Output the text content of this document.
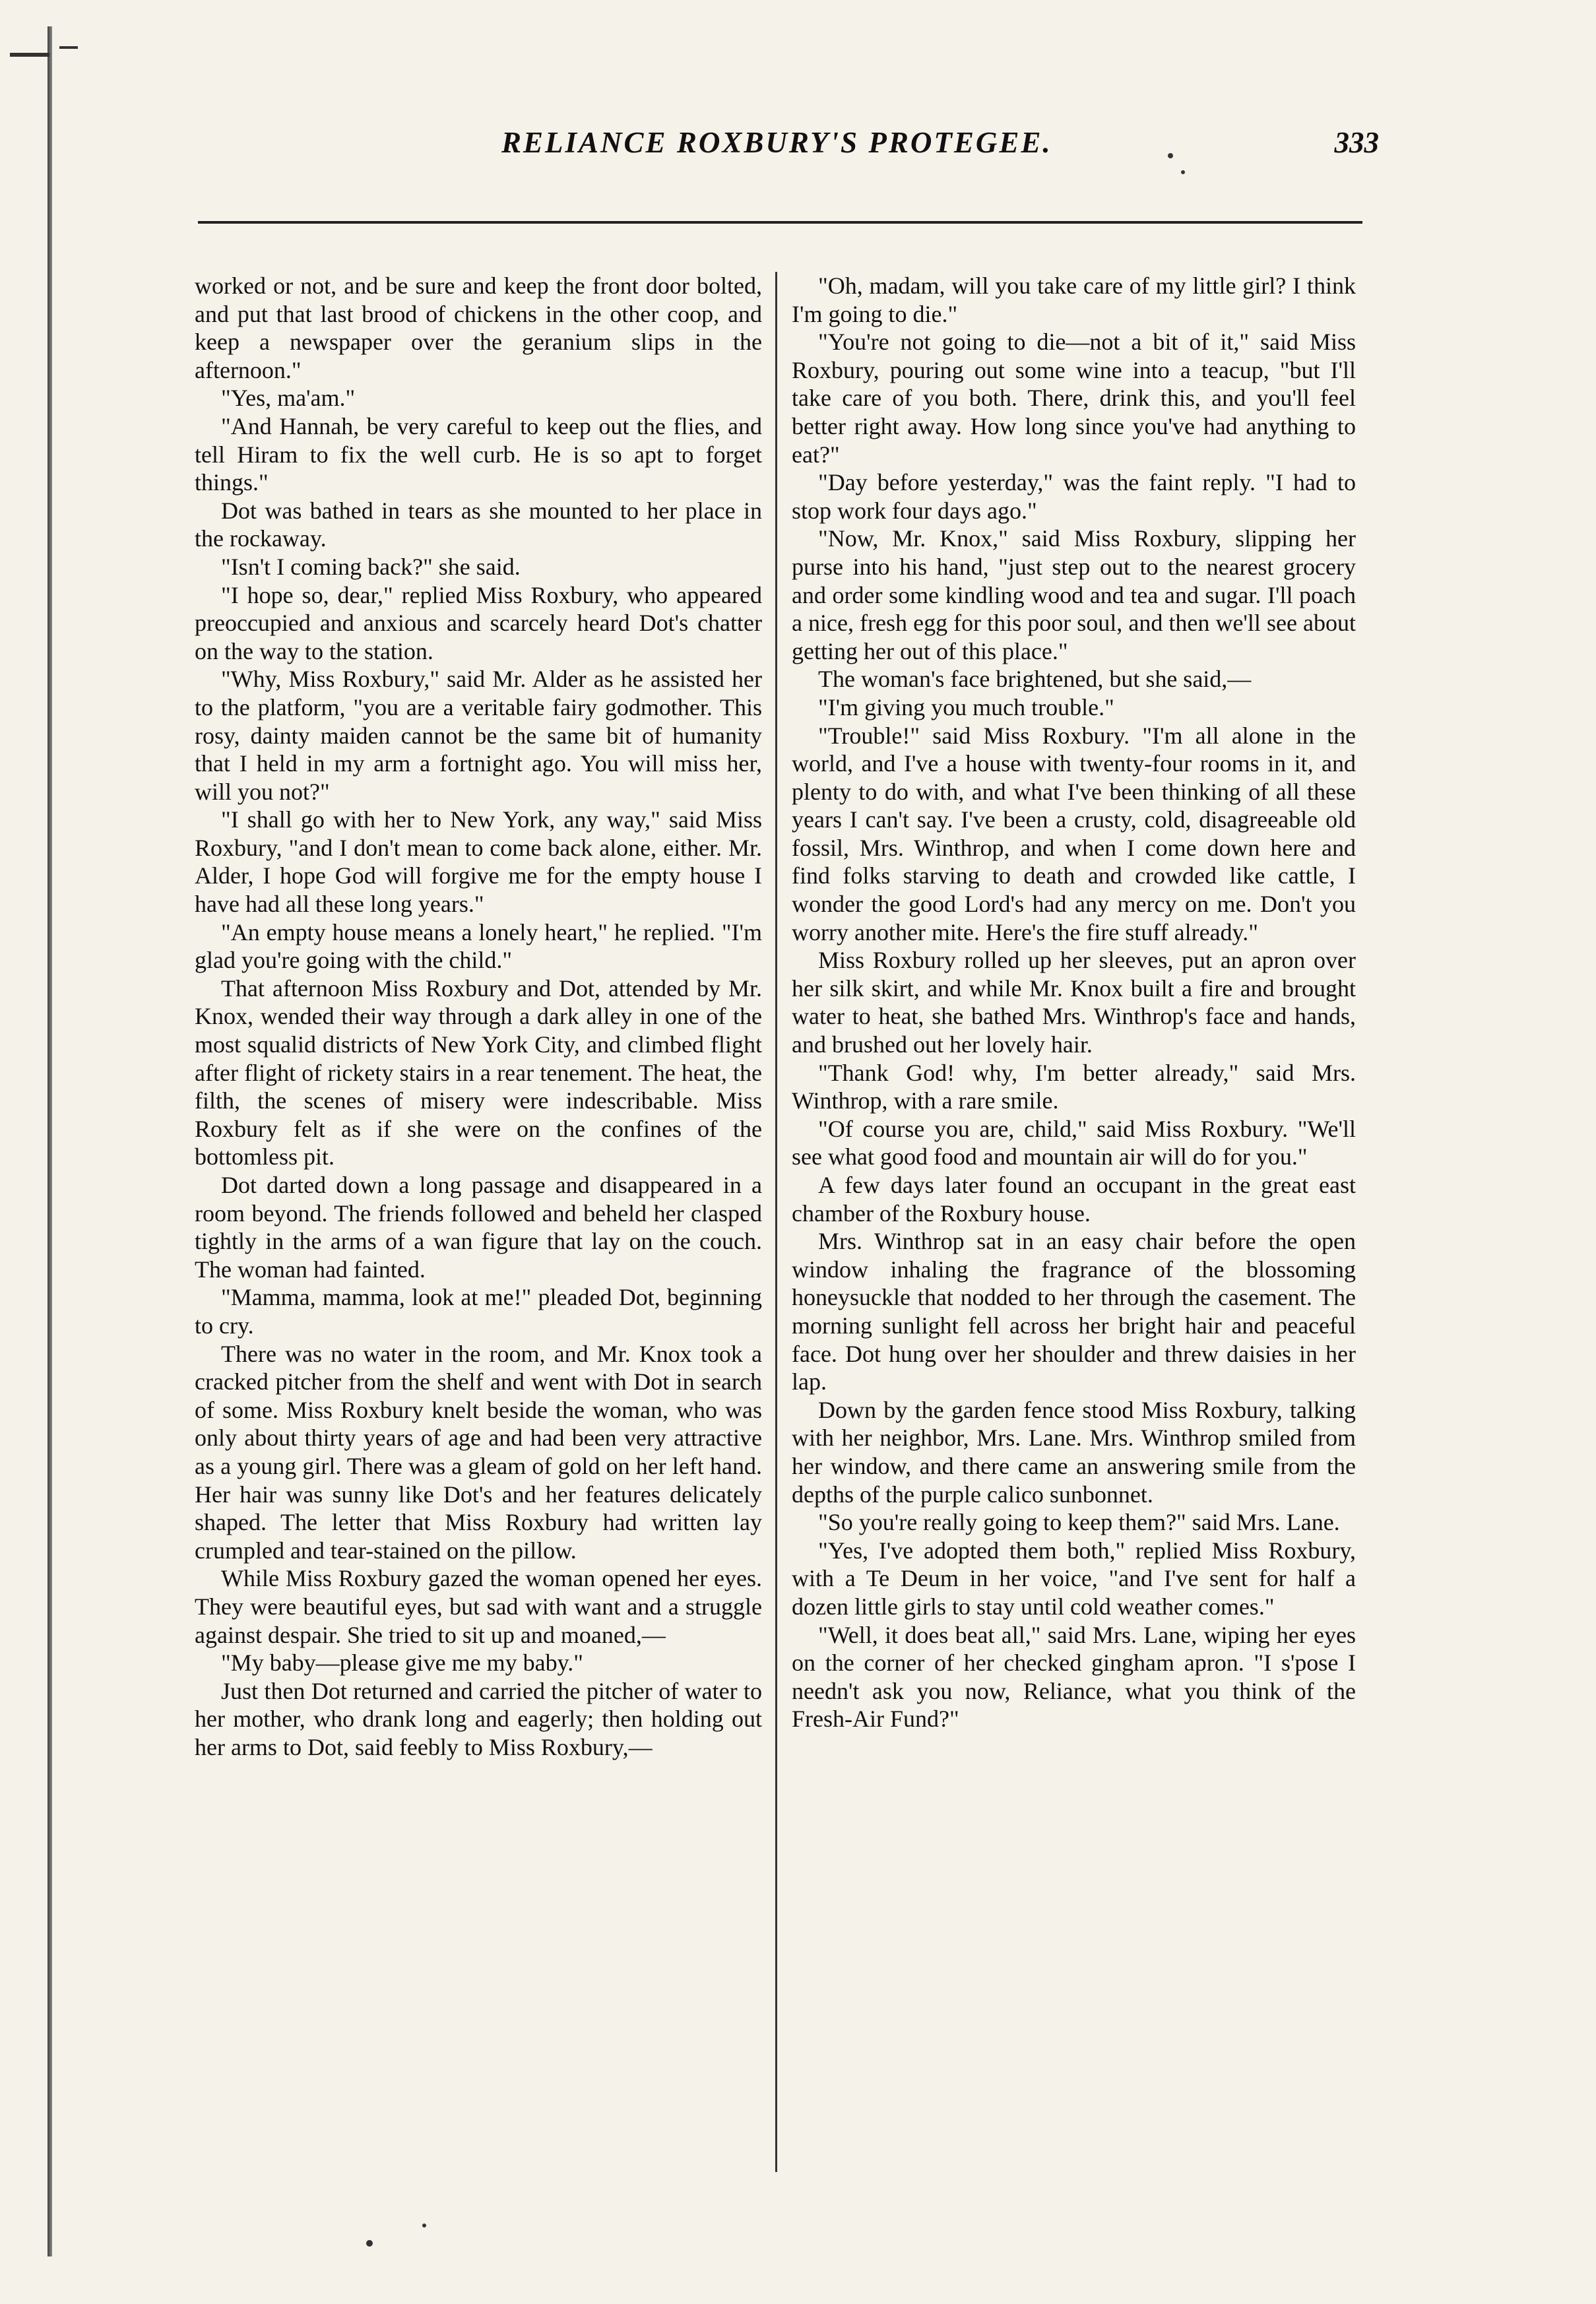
RELIANCE ROXBURY'S PROTEGEE.	333

worked or not, and be sure and keep the front door bolted, and put that last brood of chickens in the other coop, and keep a newspaper over the geranium slips in the afternoon."

"Yes, ma'am."

"And Hannah, be very careful to keep out the flies, and tell Hiram to fix the well curb. He is so apt to forget things."

Dot was bathed in tears as she mounted to her place in the rockaway.

"Isn't I coming back?" she said.

"I hope so, dear," replied Miss Roxbury, who appeared preoccupied and anxious and scarcely heard Dot's chatter on the way to the station.

"Why, Miss Roxbury," said Mr. Alder as he assisted her to the platform, "you are a veritable fairy godmother. This rosy, dainty maiden cannot be the same bit of humanity that I held in my arm a fortnight ago. You will miss her, will you not?"

"I shall go with her to New York, any way," said Miss Roxbury, "and I don't mean to come back alone, either. Mr. Alder, I hope God will forgive me for the empty house I have had all these long years."

"An empty house means a lonely heart," he replied. "I'm glad you're going with the child."

That afternoon Miss Roxbury and Dot, attended by Mr. Knox, wended their way through a dark alley in one of the most squalid districts of New York City, and climbed flight after flight of rickety stairs in a rear tenement. The heat, the filth, the scenes of misery were indescribable. Miss Roxbury felt as if she were on the confines of the bottomless pit.

Dot darted down a long passage and disappeared in a room beyond. The friends followed and beheld her clasped tightly in the arms of a wan figure that lay on the couch. The woman had fainted.

"Mamma, mamma, look at me!" pleaded Dot, beginning to cry.

There was no water in the room, and Mr. Knox took a cracked pitcher from the shelf and went with Dot in search of some. Miss Roxbury knelt beside the woman, who was only about thirty years of age and had been very attractive as a young girl. There was a gleam of gold on her left hand. Her hair was sunny like Dot's and her features delicately shaped. The letter that Miss Roxbury had written lay crumpled and tear-stained on the pillow.

While Miss Roxbury gazed the woman opened her eyes. They were beautiful eyes, but sad with want and a struggle against despair. She tried to sit up and moaned,—

"My baby—please give me my baby."

Just then Dot returned and carried the pitcher of water to her mother, who drank long and eagerly; then holding out her arms to Dot, said feebly to Miss Roxbury,—

"Oh, madam, will you take care of my little girl? I think I'm going to die."

"You're not going to die—not a bit of it," said Miss Roxbury, pouring out some wine into a teacup, "but I'll take care of you both. There, drink this, and you'll feel better right away. How long since you've had anything to eat?"

"Day before yesterday," was the faint reply. "I had to stop work four days ago."

"Now, Mr. Knox," said Miss Roxbury, slipping her purse into his hand, "just step out to the nearest grocery and order some kindling wood and tea and sugar. I'll poach a nice, fresh egg for this poor soul, and then we'll see about getting her out of this place."

The woman's face brightened, but she said,—

"I'm giving you much trouble."

"Trouble!" said Miss Roxbury. "I'm all alone in the world, and I've a house with twenty-four rooms in it, and plenty to do with, and what I've been thinking of all these years I can't say. I've been a crusty, cold, disagreeable old fossil, Mrs. Winthrop, and when I come down here and find folks starving to death and crowded like cattle, I wonder the good Lord's had any mercy on me. Don't you worry another mite. Here's the fire stuff already."

Miss Roxbury rolled up her sleeves, put an apron over her silk skirt, and while Mr. Knox built a fire and brought water to heat, she bathed Mrs. Winthrop's face and hands, and brushed out her lovely hair.

"Thank God! why, I'm better already," said Mrs. Winthrop, with a rare smile.

"Of course you are, child," said Miss Roxbury. "We'll see what good food and mountain air will do for you."

A few days later found an occupant in the great east chamber of the Roxbury house.

Mrs. Winthrop sat in an easy chair before the open window inhaling the fragrance of the blossoming honeysuckle that nodded to her through the casement. The morning sunlight fell across her bright hair and peaceful face. Dot hung over her shoulder and threw daisies in her lap.

Down by the garden fence stood Miss Roxbury, talking with her neighbor, Mrs. Lane. Mrs. Winthrop smiled from her window, and there came an answering smile from the depths of the purple calico sunbonnet.

"So you're really going to keep them?" said Mrs. Lane.

"Yes, I've adopted them both," replied Miss Roxbury, with a Te Deum in her voice, "and I've sent for half a dozen little girls to stay until cold weather comes."

"Well, it does beat all," said Mrs. Lane, wiping her eyes on the corner of her checked gingham apron. "I s'pose I needn't ask you now, Reliance, what you think of the Fresh-Air Fund?"
